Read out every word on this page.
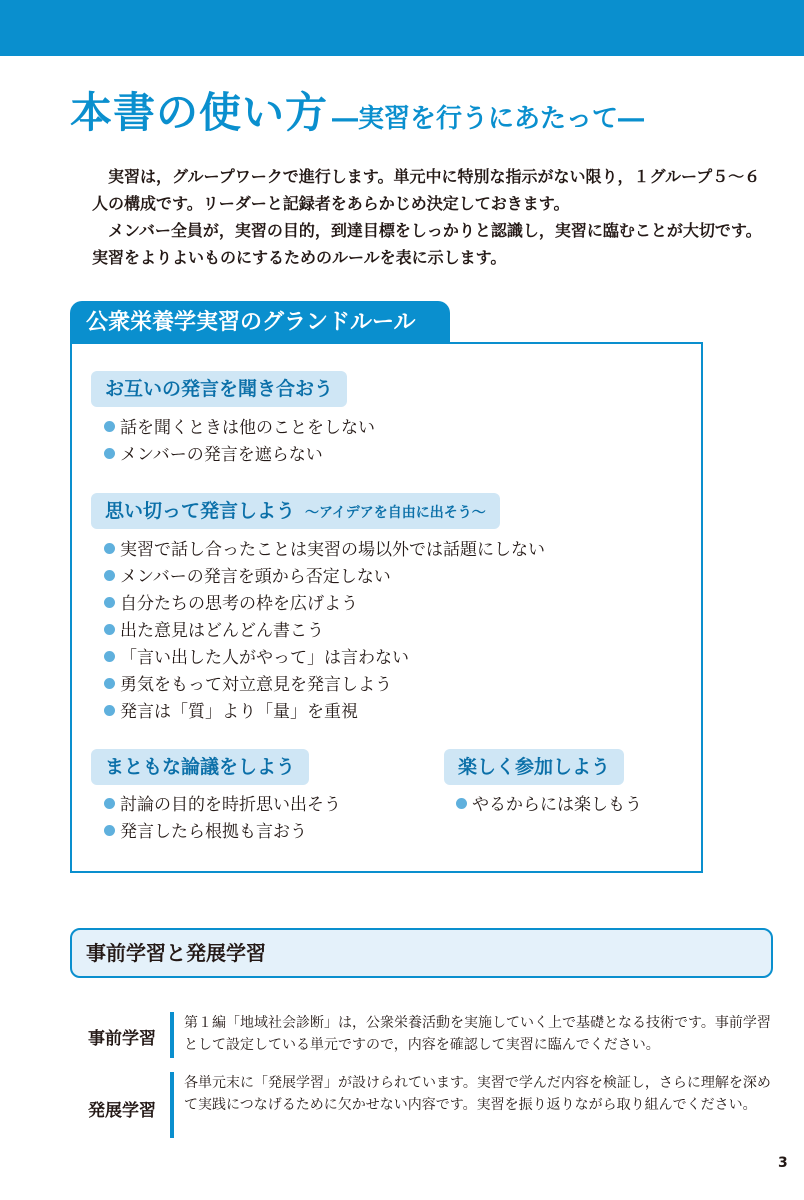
本書の使い方 ―実習を行うにあたって―

　実習は，グループワークで進行します。単元中に特別な指示がない限り，１グループ５～６人の構成です。リーダーと記録者をあらかじめ決定しておきます。

　メンバー全員が，実習の目的，到達目標をしっかりと認識し，実習に臨むことが大切です。実習をよりよいものにするためのルールを表に示します。

公衆栄養学実習のグランドルール
お互いの発言を聞き合おう
話を聞くときは他のことをしない
メンバーの発言を遮らない
思い切って発言しよう ～アイデアを自由に出そう～
実習で話し合ったことは実習の場以外では話題にしない
メンバーの発言を頭から否定しない
自分たちの思考の枠を広げよう
出た意見はどんどん書こう
「言い出した人がやって」は言わない
勇気をもって対立意見を発言しよう
発言は「質」より「量」を重視
まともな論議をしよう
討論の目的を時折思い出そう
発言したら根拠も言おう
楽しく参加しよう
やるからには楽しもう
事前学習と発展学習
事前学習

第１編「地域社会診断」は，公衆栄養活動を実施していく上で基礎となる技術です。事前学習として設定している単元ですので，内容を確認して実習に臨んでください。

発展学習

各単元末に「発展学習」が設けられています。実習で学んだ内容を検証し，さらに理解を深めて実践につなげるために欠かせない内容です。実習を振り返りながら取り組んでください。

3
